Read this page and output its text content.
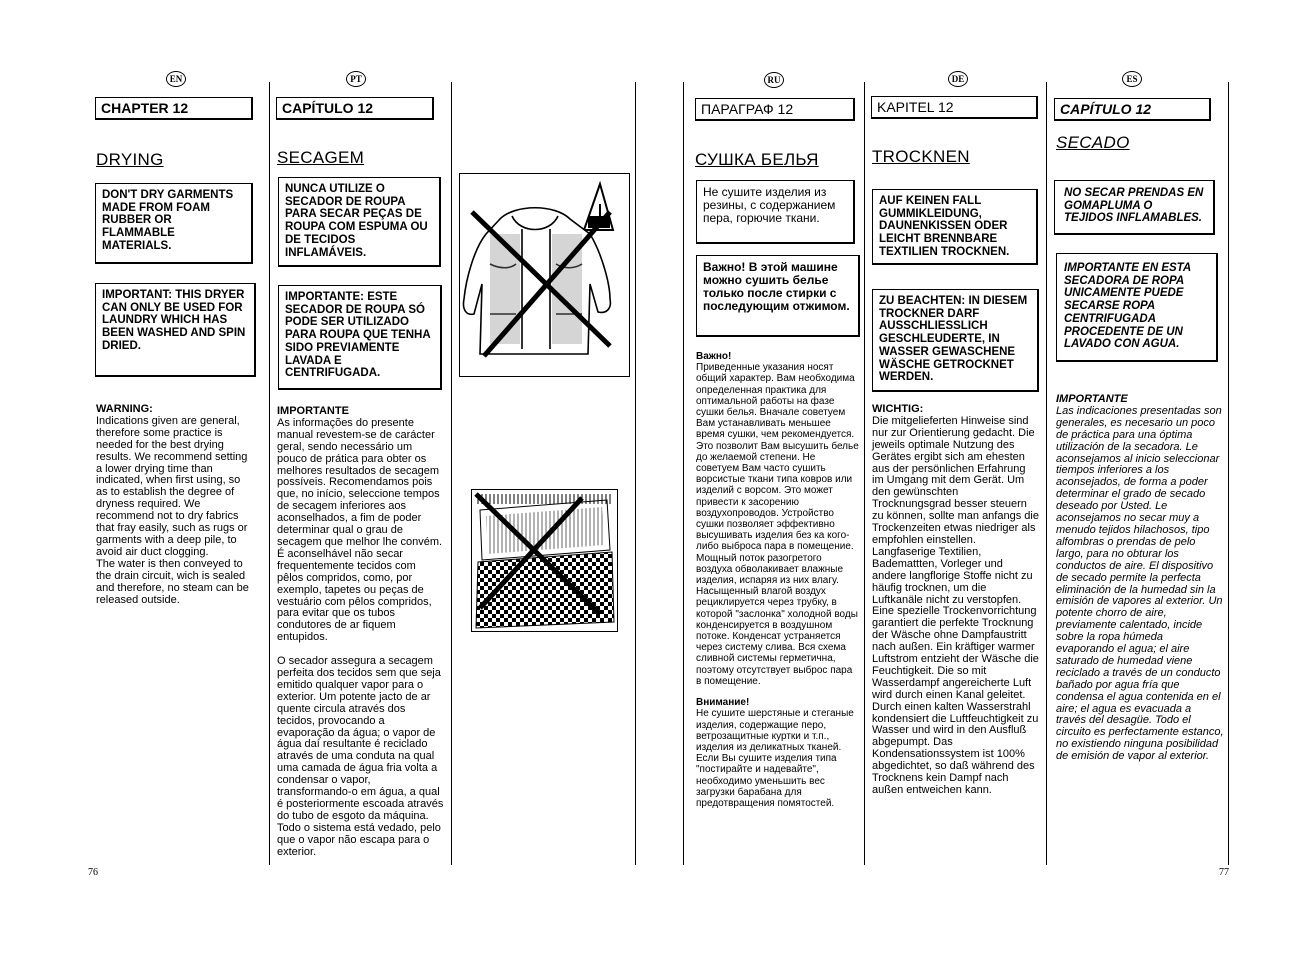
EN	PT	RU	DE	ES
CHAPTER 12
DRYING
DON'T DRY GARMENTS MADE FROM FOAM RUBBER OR FLAMMABLE MATERIALS.
IMPORTANT: THIS DRYER CAN ONLY BE USED FOR LAUNDRY WHICH HAS BEEN WASHED AND SPIN DRIED.
WARNING:

Indications given are general, therefore some practice is needed for the best drying results. We recommend setting a lower drying time than indicated, when first using, so as to establish the degree of dryness required. We recommend not to dry fabrics that fray easily, such as rugs or garments with a deep pile, to avoid air duct clogging.

The water is then conveyed to the drain circuit, wich is sealed and therefore, no steam can be released outside.

CAPÍTULO 12
SECAGEM
NUNCA UTILIZE O SECADOR DE ROUPA PARA SECAR PEÇAS DE ROUPA COM ESPUMA OU DE TECIDOS INFLAMÁVEIS.
IMPORTANTE: ESTE SECADOR DE ROUPA SÓ PODE SER UTILIZADO PARA ROUPA QUE TENHA SIDO PREVIAMENTE LAVADA E CENTRIFUGADA.
IMPORTANTE

As informações do presente manual revestem-se de carácter geral, sendo necessário um pouco de prática para obter os melhores resultados de secagem possíveis. Recomendamos pois que, no início, seleccione tempos de secagem inferiores aos aconselhados, a fim de poder determinar qual o grau de secagem que melhor lhe convém. É aconselhável não secar frequentemente tecidos com pêlos compridos, como, por exemplo, tapetes ou peças de vestuário com pêlos compridos, para evitar que os tubos condutores de ar fiquem entupidos.

O secador assegura a secagem perfeita dos tecidos sem que seja emitido qualquer vapor para o exterior. Um potente jacto de ar quente circula através dos tecidos, provocando a evaporação da água; o vapor de água daí resultante é reciclado através de uma conduta na qual uma camada de água fria volta a condensar o vapor, transformando-o em água, a qual é posteriormente escoada através do tubo de esgoto da máquina. Todo o sistema está vedado, pelo que o vapor não escapa para o exterior.

ПАРАГРАФ 12
СУШКА БЕЛЬЯ
Не сушите изделия из резины, с содержанием пера, горючие ткани.
Важно! В этой машине можно сушить белье только после стирки с последующим отжимом.
Важно!

Приведенные указания носят общий характер. Вам необходима определенная практика для оптимальной работы на фазе сушки белья. Вначале советуем Вам устанавливать меньшее время сушки, чем рекомендуется. Это позволит Вам высушить белье до желаемой степени. Не советуем Вам часто сушить ворсистые ткани типа ковров или изделий с ворсом. Это может привести к засорению воздухопроводов. Устройство сушки позволяет эффективно высушивать изделия без ка кого-либо выброса пара в помещение. Мощный поток разогретого воздуха обволакивает влажные изделия, испаряя из них влагу. Насыщенный влагой воздух рециклируется через трубку, в которой "заслонка" холодной воды конденсируется в воздушном потоке. Конденсат устраняется через систему слива. Вся схема сливной системы герметична, поэтому отсутствует выброс пара в помещение.

Внимание!

Не сушите шерстяные и стеганые изделия, содержащие перо, ветрозащитные куртки и т.п., изделия из деликатных тканей. Если Вы сушите изделия типа "постирайте и надевайте", необходимо уменьшить вес загрузки барабана для предотвращения помятостей.

KAPITEL 12
TROCKNEN
AUF KEINEN FALL GUMMIKLEIDUNG, DAUNENKISSEN ODER LEICHT BRENNBARE TEXTILIEN TROCKNEN.
ZU BEACHTEN: IN DIESEM TROCKNER DARF AUSSCHLIESSLICH GESCHLEUDERTE, IN WASSER GEWASCHENE WÄSCHE GETROCKNET WERDEN.
WICHTIG:

Die mitgelieferten Hinweise sind nur zur Orientierung gedacht. Die jeweils optimale Nutzung des Gerätes ergibt sich am ehesten aus der persönlichen Erfahrung im Umgang mit dem Gerät. Um den gewünschten Trocknungsgrad besser steuern zu können, sollte man anfangs die Trockenzeiten etwas niedriger als empfohlen einstellen. Langfaserige Textilien, Bademattten, Vorleger und andere langflorige Stoffe nicht zu häufig trocknen, um die Luftkanäle nicht zu verstopfen. Eine spezielle Trockenvorrichtung garantiert die perfekte Trocknung der Wäsche ohne Dampfaustritt nach außen. Ein kräftiger warmer Luftstrom entzieht der Wäsche die Feuchtigkeit. Die so mit Wasserdampf angereicherte Luft wird durch einen Kanal geleitet. Durch einen kalten Wasserstrahl kondensiert die Luftfeuchtigkeit zu Wasser und wird in den Ausfluß abgepumpt. Das Kondensationssystem ist 100% abgedichtet, so daß während des Trocknens kein Dampf nach außen entweichen kann.

CAPÍTULO 12
SECADO
NO SECAR PRENDAS EN GOMAPLUMA O TEJIDOS INFLAMABLES.
IMPORTANTE EN ESTA SECADORA DE ROPA UNICAMENTE PUEDE SECARSE ROPA CENTRIFUGADA PROCEDENTE DE UN LAVADO CON AGUA.
IMPORTANTE

Las indicaciones presentadas son generales, es necesario un poco de práctica para una óptima utilización de la secadora. Le aconsejamos al inicio seleccionar tiempos inferiores a los aconsejados, de forma a poder determinar el grado de secado deseado por Usted. Le aconsejamos no secar muy a menudo tejidos hilachosos, tipo alfombras o prendas de pelo largo, para no obturar los conductos de aire. El dispositivo de secado permite la perfecta eliminación de la humedad sin la emisión de vapores al exterior. Un potente chorro de aire, previamente calentado, incide sobre la ropa húmeda evaporando el agua; el aire saturado de humedad viene reciclado a través de un conducto bañado por agua fría que condensa el agua contenida en el aire; el agua es evacuada a través del desagüe. Todo el circuito es perfectamente estanco, no existiendo ninguna posibilidad de emisión de vapor al exterior.

76	77
